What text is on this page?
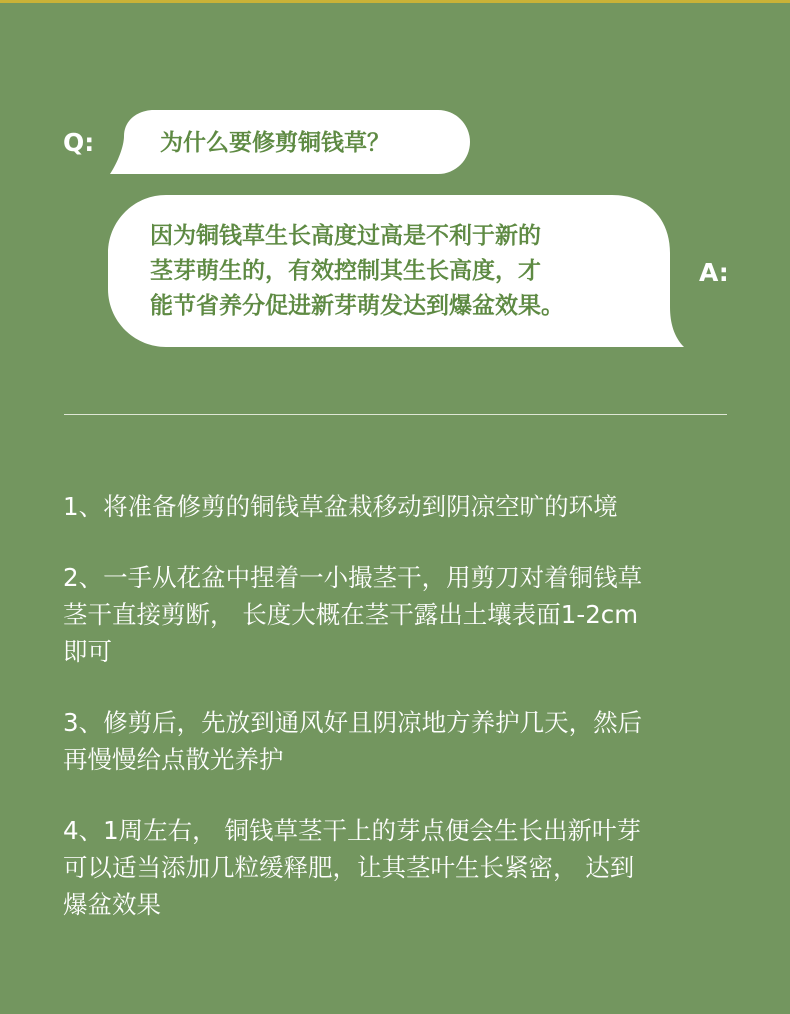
Q:	为什么要修剪铜钱草？
因为铜钱草生长高度过高是不利于新的
茎芽萌生的，有效控制其生长高度，才
能节省养分促进新芽萌发达到爆盆效果。
A:
1、将准备修剪的铜钱草盆栽移动到阴凉空旷的环境
2、一手从花盆中捏着一小撮茎干，用剪刀对着铜钱草
茎干直接剪断， 长度大概在茎干露出土壤表面1-2cm
即可
3、修剪后，先放到通风好且阴凉地方养护几天，然后
再慢慢给点散光养护
4、1周左右， 铜钱草茎干上的芽点便会生长出新叶芽
可以适当添加几粒缓释肥，让其茎叶生长紧密， 达到
爆盆效果
